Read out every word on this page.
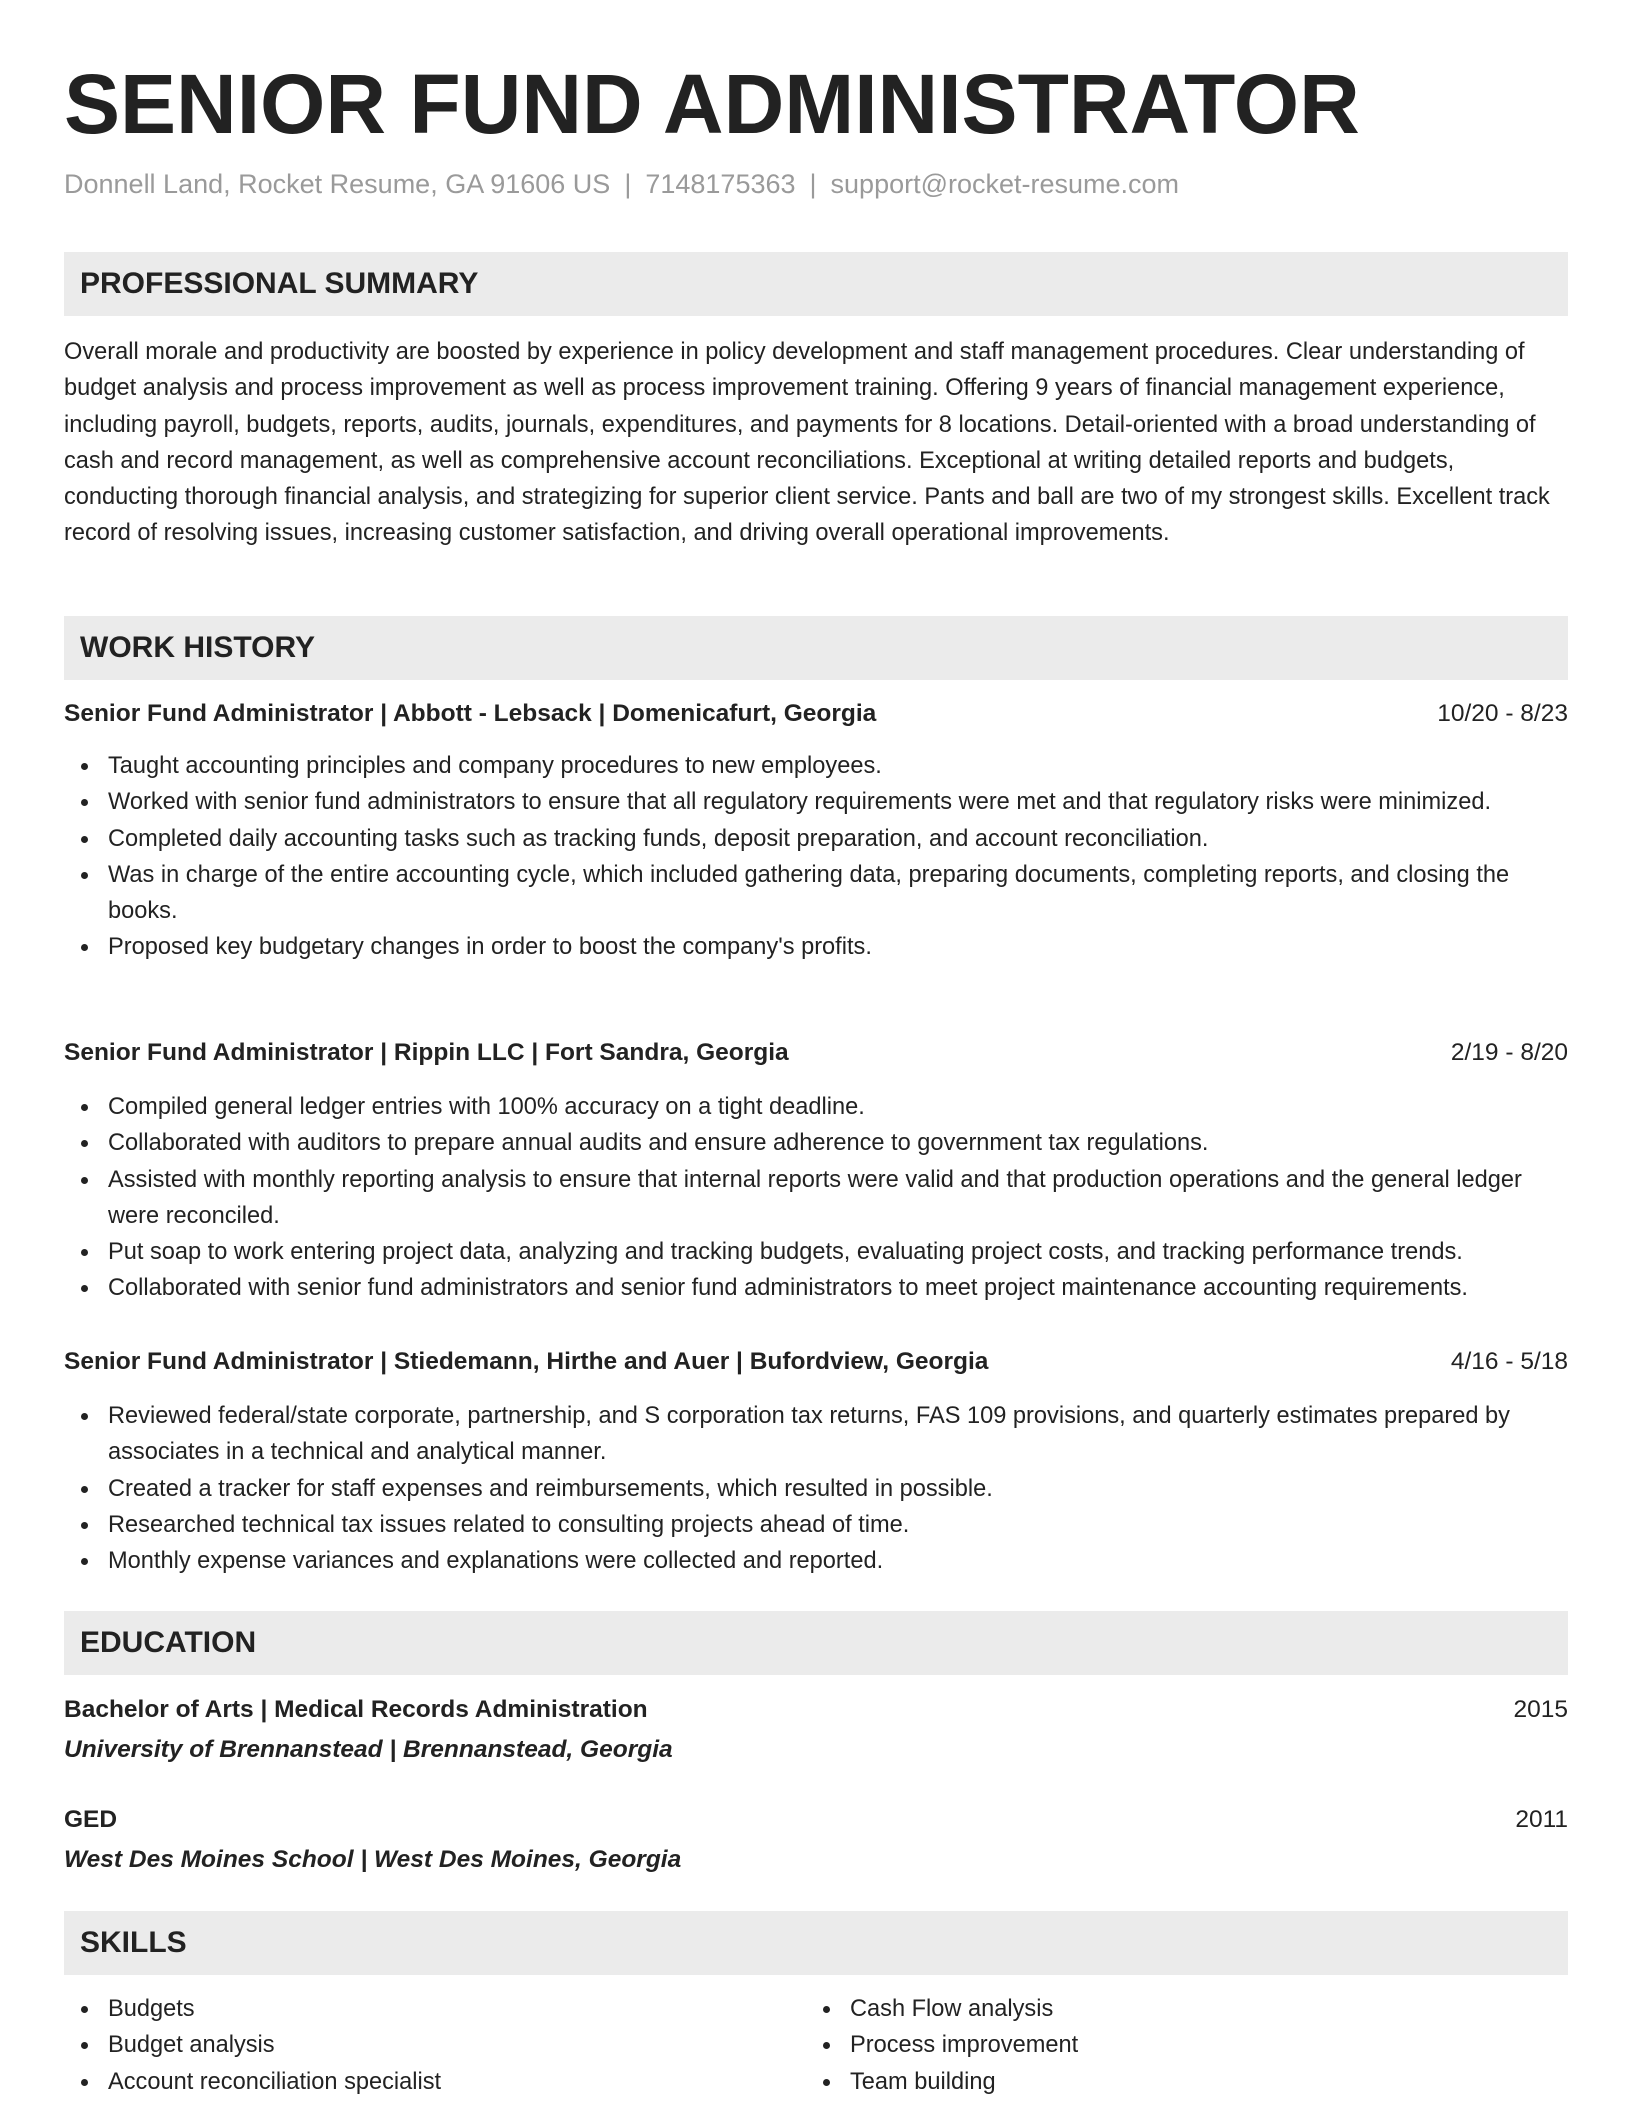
SENIOR FUND ADMINISTRATOR
Donnell Land, Rocket Resume, GA 91606 US | 7148175363 | support@rocket-resume.com
PROFESSIONAL SUMMARY

Overall morale and productivity are boosted by experience in policy development and staff management procedures. Clear understanding of budget analysis and process improvement as well as process improvement training. Offering 9 years of financial management experience, including payroll, budgets, reports, audits, journals, expenditures, and payments for 8 locations. Detail-oriented with a broad understanding of cash and record management, as well as comprehensive account reconciliations. Exceptional at writing detailed reports and budgets, conducting thorough financial analysis, and strategizing for superior client service. Pants and ball are two of my strongest skills. Excellent track record of resolving issues, increasing customer satisfaction, and driving overall operational improvements.

WORK HISTORY
Senior Fund Administrator | Abbott - Lebsack | Domenicafurt, Georgia	10/20 - 8/23
Taught accounting principles and company procedures to new employees.
Worked with senior fund administrators to ensure that all regulatory requirements were met and that regulatory risks were minimized.
Completed daily accounting tasks such as tracking funds, deposit preparation, and account reconciliation.
Was in charge of the entire accounting cycle, which included gathering data, preparing documents, completing reports, and closing the books.
Proposed key budgetary changes in order to boost the company's profits.
Senior Fund Administrator | Rippin LLC | Fort Sandra, Georgia	2/19 - 8/20
Compiled general ledger entries with 100% accuracy on a tight deadline.
Collaborated with auditors to prepare annual audits and ensure adherence to government tax regulations.
Assisted with monthly reporting analysis to ensure that internal reports were valid and that production operations and the general ledger were reconciled.
Put soap to work entering project data, analyzing and tracking budgets, evaluating project costs, and tracking performance trends.
Collaborated with senior fund administrators and senior fund administrators to meet project maintenance accounting requirements.
Senior Fund Administrator | Stiedemann, Hirthe and Auer | Bufordview, Georgia	4/16 - 5/18
Reviewed federal/state corporate, partnership, and S corporation tax returns, FAS 109 provisions, and quarterly estimates prepared by associates in a technical and analytical manner.
Created a tracker for staff expenses and reimbursements, which resulted in possible.
Researched technical tax issues related to consulting projects ahead of time.
Monthly expense variances and explanations were collected and reported.
EDUCATION
Bachelor of Arts | Medical Records Administration	2015
University of Brennanstead | Brennanstead, Georgia
GED	2011
West Des Moines School | West Des Moines, Georgia
SKILLS
Budgets
Budget analysis
Account reconciliation specialist
Cash Flow analysis
Process improvement
Team building
